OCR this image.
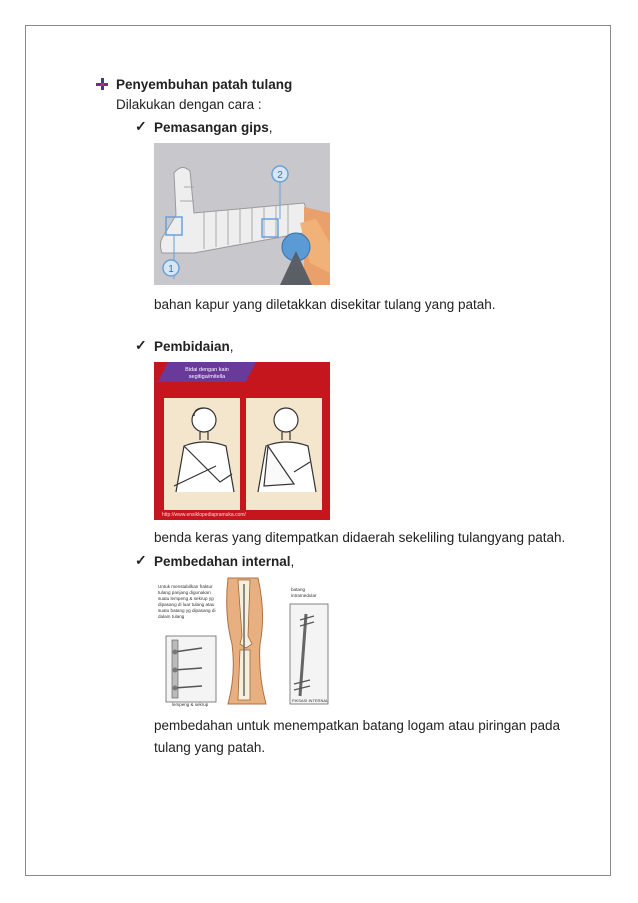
Penyembuhan patah tulang
Dilakukan dengan cara :
✓ Pemasangan gips,
1
2
bahan kapur yang diletakkan disekitar tulang yang patah.
✓ Pembidaian,
Bidai dengan kain
segitiga/mitella
http://www.ensiklopediapramuka.com/
benda keras yang ditempatkan didaerah sekeliling tulangyang patah.
✓ Pembedahan internal,
Untuk menstabilkan fraktur
tulang panjang digunakan
suatu lempeng & sekrup yg
dipasang di luar tulang atau
suatu batang yg dipasang di
dalam tulang
lempeng & sekrup
batang
intramedular
FIKSASI INTERNAL
pembedahan untuk menempatkan batang logam atau piringan pada
tulang yang patah.
